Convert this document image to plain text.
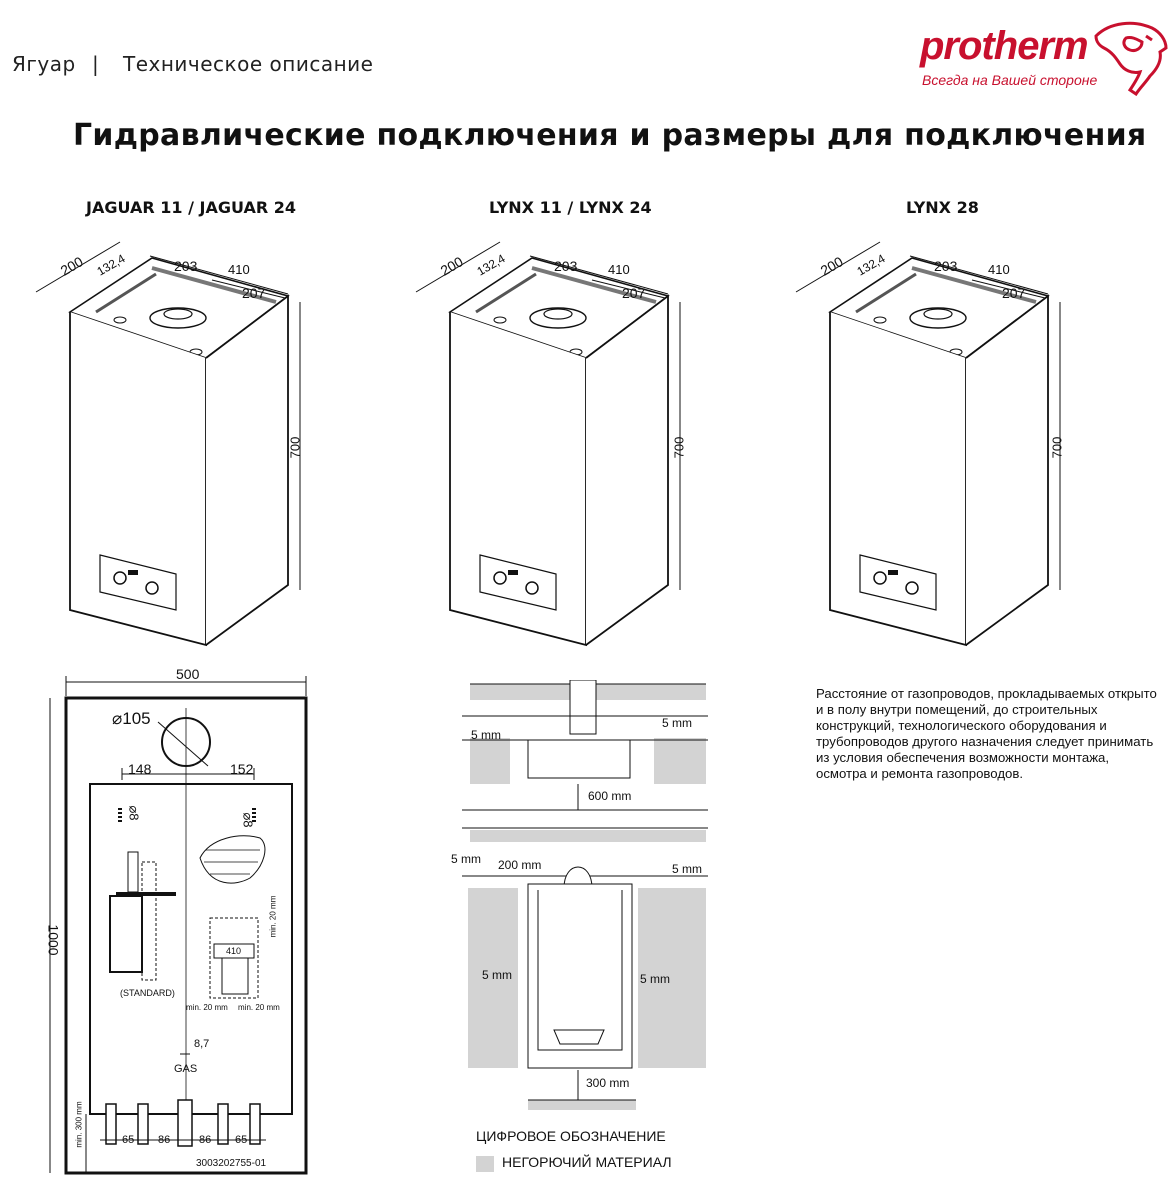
Ягуар | Техническое описание	protherm
Всегда на Вашей стороне
Гидравлические подключения и размеры для подключения
JAGUAR 11 / JAGUAR 24	LYNX 11 / LYNX 24	LYNX 28
200 132,4	203 410
207
700
200 132,4	203 410
207
700
200 132,4	203 410
207
700
500
1000
⌀105
148	152
⌀8	⌀8
(STANDARD)
410
min. 20 mm
min. 20 mm min. 20 mm
8,7
GAS
min. 300 mm	65 86	86 65
3003202755-01
5 mm
5 mm
600 mm
5 mm 200 mm	5 mm
5 mm	5 mm
300 mm
ЦИФРОВОЕ ОБОЗНАЧЕНИЕ
НЕГОРЮЧИЙ МАТЕРИАЛ
Расстояние от газопроводов, прокладываемых открыто и в полу внутри помещений, до строительных конструкций, технологического оборудования и трубопроводов другого назначения следует принимать из условия обеспечения возможности монтажа, осмотра и ремонта газопроводов.
